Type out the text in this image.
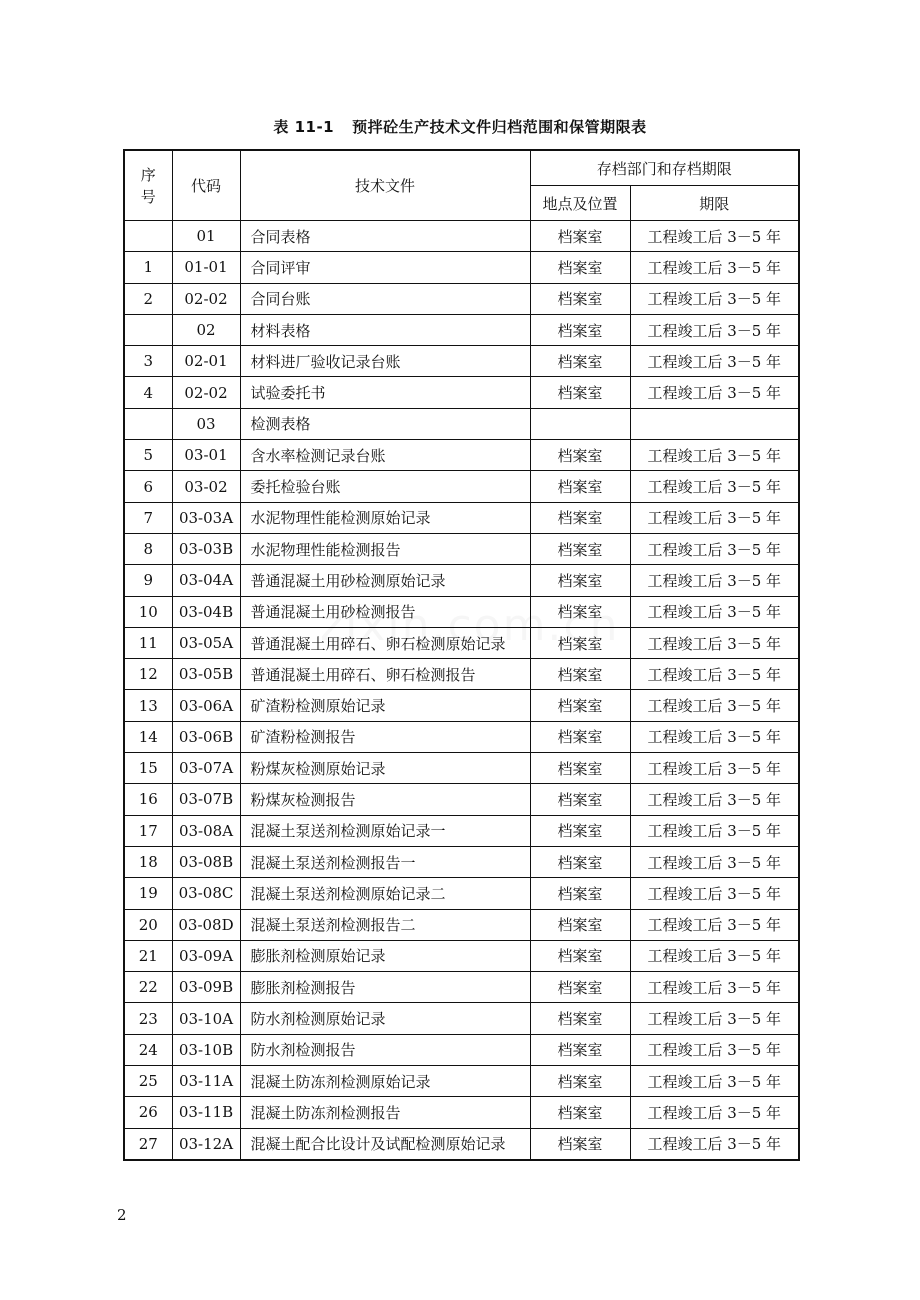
表 11-1 预拌砼生产技术文件归档范围和保管期限表
序号	代码	技术文件	存档部门和存档期限	
			地点及位置	期限
	01	合同表格	档案室	工程竣工后 3－5 年
1	01-01	合同评审	档案室	工程竣工后 3－5 年
2	02-02	合同台账	档案室	工程竣工后 3－5 年
	02	材料表格	档案室	工程竣工后 3－5 年
3	02-01	材料进厂验收记录台账	档案室	工程竣工后 3－5 年
4	02-02	试验委托书	档案室	工程竣工后 3－5 年
	03	检测表格		
5	03-01	含水率检测记录台账	档案室	工程竣工后 3－5 年
6	03-02	委托检验台账	档案室	工程竣工后 3－5 年
7	03-03A	水泥物理性能检测原始记录	档案室	工程竣工后 3－5 年
8	03-03B	水泥物理性能检测报告	档案室	工程竣工后 3－5 年
9	03-04A	普通混凝土用砂检测原始记录	档案室	工程竣工后 3－5 年
10	03-04B	普通混凝土用砂检测报告	档案室	工程竣工后 3－5 年
11	03-05A	普通混凝土用碎石、卵石检测原始记录	档案室	工程竣工后 3－5 年
12	03-05B	普通混凝土用碎石、卵石检测报告	档案室	工程竣工后 3－5 年
13	03-06A	矿渣粉检测原始记录	档案室	工程竣工后 3－5 年
14	03-06B	矿渣粉检测报告	档案室	工程竣工后 3－5 年
15	03-07A	粉煤灰检测原始记录	档案室	工程竣工后 3－5 年
16	03-07B	粉煤灰检测报告	档案室	工程竣工后 3－5 年
17	03-08A	混凝土泵送剂检测原始记录一	档案室	工程竣工后 3－5 年
18	03-08B	混凝土泵送剂检测报告一	档案室	工程竣工后 3－5 年
19	03-08C	混凝土泵送剂检测原始记录二	档案室	工程竣工后 3－5 年
20	03-08D	混凝土泵送剂检测报告二	档案室	工程竣工后 3－5 年
21	03-09A	膨胀剂检测原始记录	档案室	工程竣工后 3－5 年
22	03-09B	膨胀剂检测报告	档案室	工程竣工后 3－5 年
23	03-10A	防水剂检测原始记录	档案室	工程竣工后 3－5 年
24	03-10B	防水剂检测报告	档案室	工程竣工后 3－5 年
25	03-11A	混凝土防冻剂检测原始记录	档案室	工程竣工后 3－5 年
26	03-11B	混凝土防冻剂检测报告	档案室	工程竣工后 3－5 年
27	03-12A	混凝土配合比设计及试配检测原始记录	档案室	工程竣工后 3－5 年
2
